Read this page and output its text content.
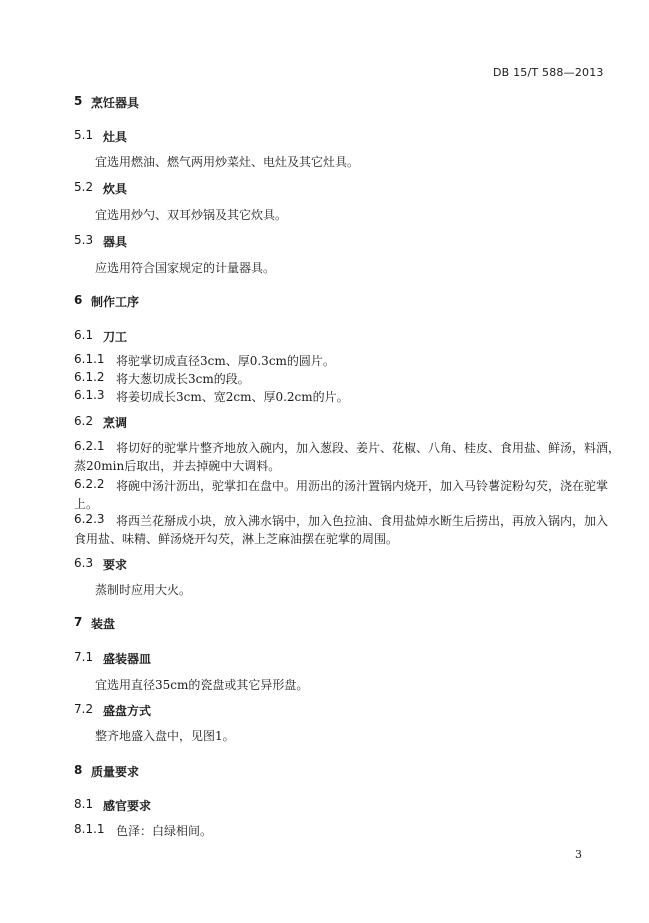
DB 15/T 588—2013
5 烹饪器具
5.1 灶具
宜选用燃油、燃气两用炒菜灶、电灶及其它灶具。
5.2 炊具
宜选用炒勺、双耳炒锅及其它炊具。
5.3 器具
应选用符合国家规定的计量器具。
6 制作工序
6.1 刀工
6.1.1 将驼掌切成直径3cm、厚0.3cm的圆片。
6.1.2 将大葱切成长3cm的段。
6.1.3 将姜切成长3cm、宽2cm、厚0.2cm的片。
6.2 烹调
6.2.1 将切好的驼掌片整齐地放入碗内，加入葱段、姜片、花椒、八角、桂皮、食用盐、鲜汤，料酒，
蒸20min后取出，并去掉碗中大调料。
6.2.2 将碗中汤汁沥出，驼掌扣在盘中。用沥出的汤汁置锅内烧开，加入马铃薯淀粉勾芡，浇在驼掌
上。
6.2.3 将西兰花掰成小块，放入沸水锅中，加入色拉油、食用盐焯水断生后捞出，再放入锅内，加入
食用盐、味精、鲜汤烧开勾芡，淋上芝麻油摆在驼掌的周围。
6.3 要求
蒸制时应用大火。
7 装盘
7.1 盛装器皿
宜选用直径35cm的瓷盘或其它异形盘。
7.2 盛盘方式
整齐地盛入盘中，见图1。
8 质量要求
8.1 感官要求
8.1.1 色泽：白绿相间。
3
